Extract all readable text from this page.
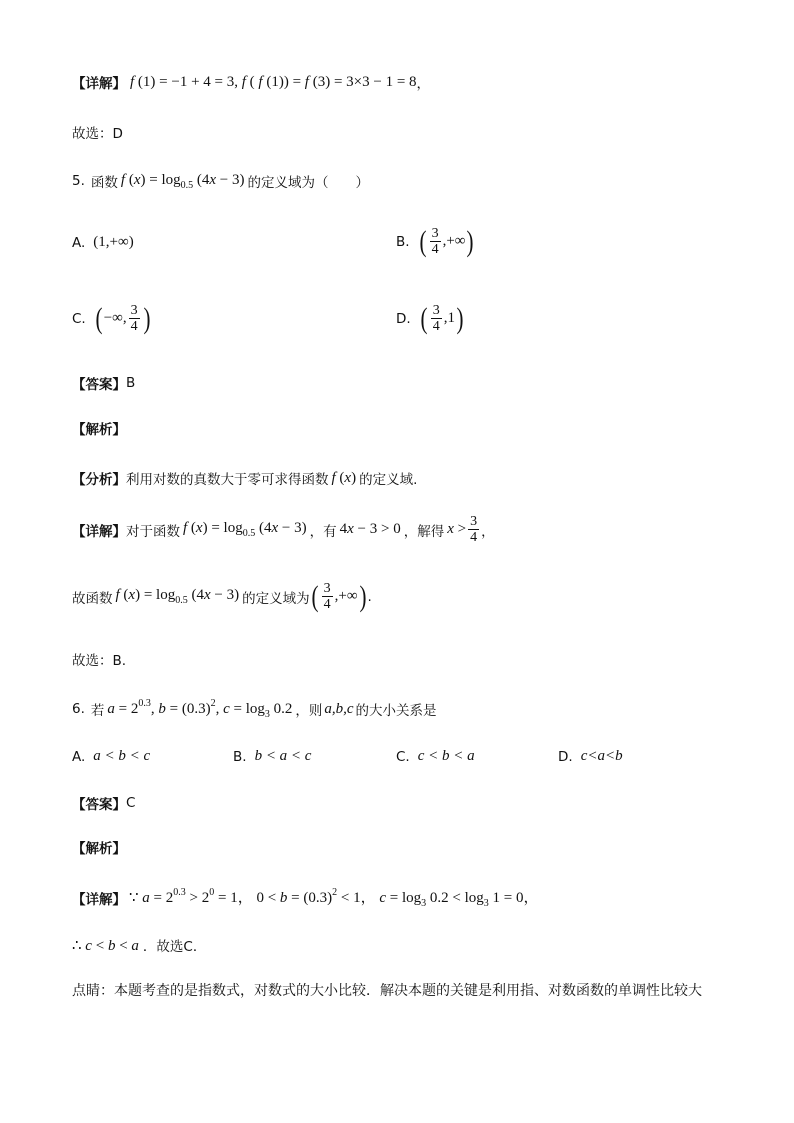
【详解】 f (1) = −1 + 4 = 3, f ( f (1)) = f (3) = 3×3 − 1 = 8 ，
故选：D
5. 函数 f $(x) = \log_{0.5} (4x - 3)$ 的定义域为（　　）
A. (1,+∞)	B. ( $\frac{3}{4}$ ,+∞ )
C. ( −∞, $\frac{3}{4}$ )	D. ( $\frac{3}{4} ,1$ )
【答案】 B
【解析】
【分析】 利用对数的真数大于零可求得函数 f (x) 的定义域.
【详解】 对于函数 f $(x) = \log_{0.5} (4x - 3)$ ，有 4x − 3 > 0 ，解得 $x > \frac{3}{4}$ ，
故函数 f $(x) = \log_{0.5} (4x - 3)$ 的定义域为 ( $\frac{3}{4}$ ,+∞ ) .
故选：B.
6. 若 $a = 2^{0.3}$, $b = (0.3)^2$, $c = \log_3 0.2$ ，则 a,b,c 的大小关系是
A. a < b < c	B. b < a < c	C. c < b < a	D. c<a<b
【答案】 C
【解析】
【详解】 ∵ $a = 2^{0.3} > 2^0 = 1$， $0 < b = (0.3)^2 < 1$， $c = \log_3 0.2 < \log_3 1 = 0$，
∴ c < b < a ．故选C．
点睛：本题考查的是指数式，对数式的大小比较．解决本题的关键是利用指、对数函数的单调性比较大
